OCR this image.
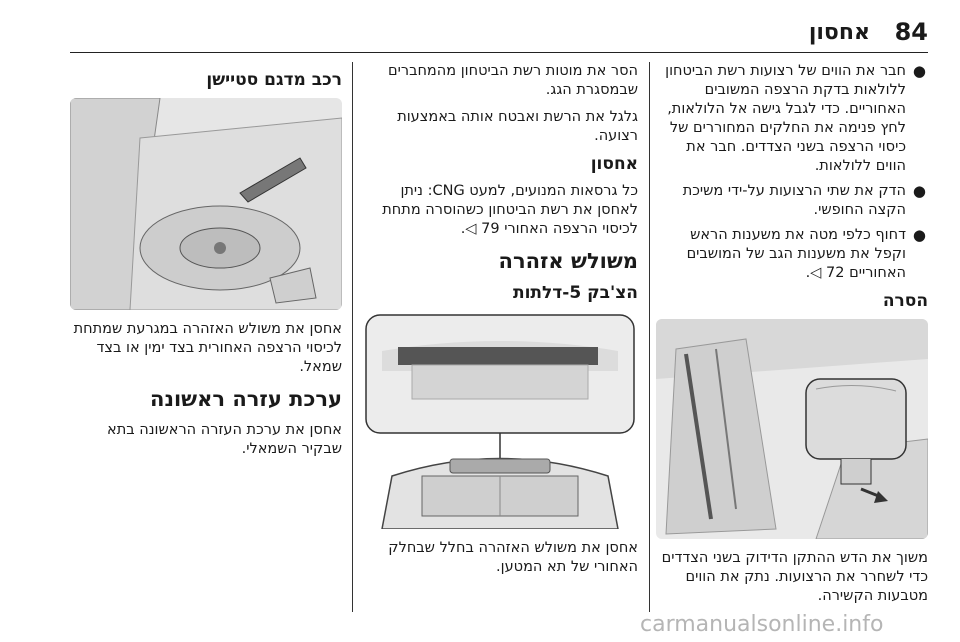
אחסון 84
●
חבר את הווים של רצועות רשת הביטחון ללולאות בדקת הרצפה המשובים האחוריים. כדי לגבל גישה אל הלולאות, לחץ פנימה את החלקים המחוררים של כיסוי הרצפה בשני הצדדים. חבר את הווים ללולאות.
●
הדק את שתי הרצועות על-ידי משיכת הקצה החופשי.
●
דחוף כלפי מטה את משענות הראש וקפל את משענות הגב של המושבים האחוריים 72 ◁.
הסרה

משוך את הדש ההתקן הדידוק בשני הצדדים כדי לשחרר את הרצועות. נתק את הווים מטבעות הקשירה.

הסר את מוטות רשת הביטחון מהמחברים שבמסגרת הגג.

גלגל את הרשת ואבטח אותה באמצעות רצועה.

אחסון

כל גרסאות המנועים, למעט CNG: ניתן לאחסן את רשת הביטחון כשהוסרה מתחת לכיסוי הרצפה האחורי 79 ◁.

משולש אזהרה
הצ'בק 5-דלתות

אחסן את משולש האזהרה בחלל שבחלק האחורי של תא המטען.

רכב מדגם סטיישן

אחסן את משולש האזהרה במגרעת שמתחת לכיסוי הרצפה האחורית בצד ימין או בצד שמאל.

ערכת עזרה ראשונה

אחסן את ערכת העזרה הראשונה בתא שבקיר השמאלי.

carmanualsonline.info
